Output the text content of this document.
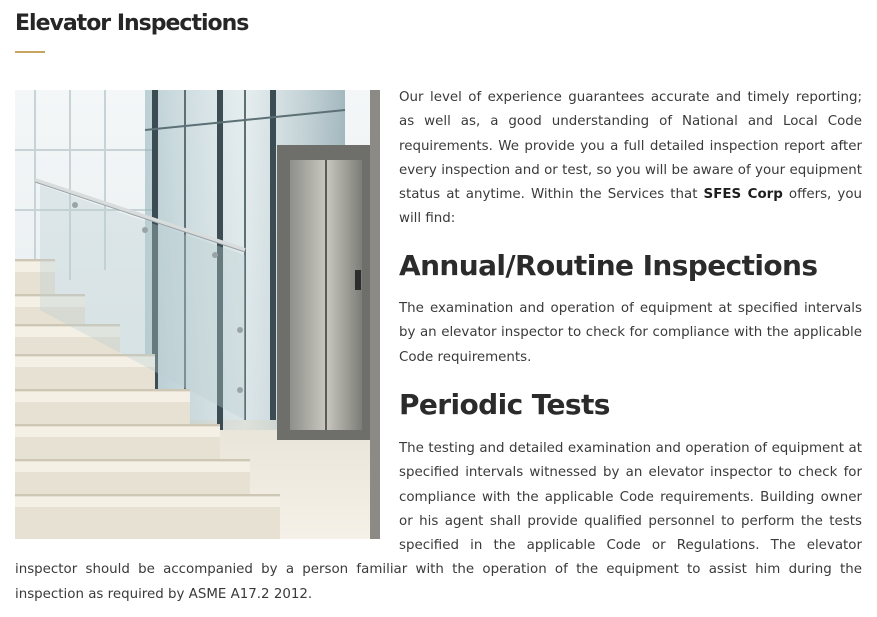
Elevator Inspections

Our level of experience guarantees accurate and timely reporting; as well as, a good understanding of National and Local Code requirements. We provide you a full detailed inspection report after every inspection and or test, so you will be aware of your equipment status at anytime. Within the Services that SFES Corp offers, you will find:

Annual/Routine Inspections

The examination and operation of equipment at specified intervals by an elevator inspector to check for compliance with the applicable Code requirements.

Periodic Tests

The testing and detailed examination and operation of equipment at specified intervals witnessed by an elevator inspector to check for compliance with the applicable Code requirements. Building owner or his agent shall provide qualified personnel to perform the tests specified in the applicable Code or Regulations. The elevator inspector should be accompanied by a person familiar with the operation of the equipment to assist him during the inspection as required by ASME A17.2 2012.
